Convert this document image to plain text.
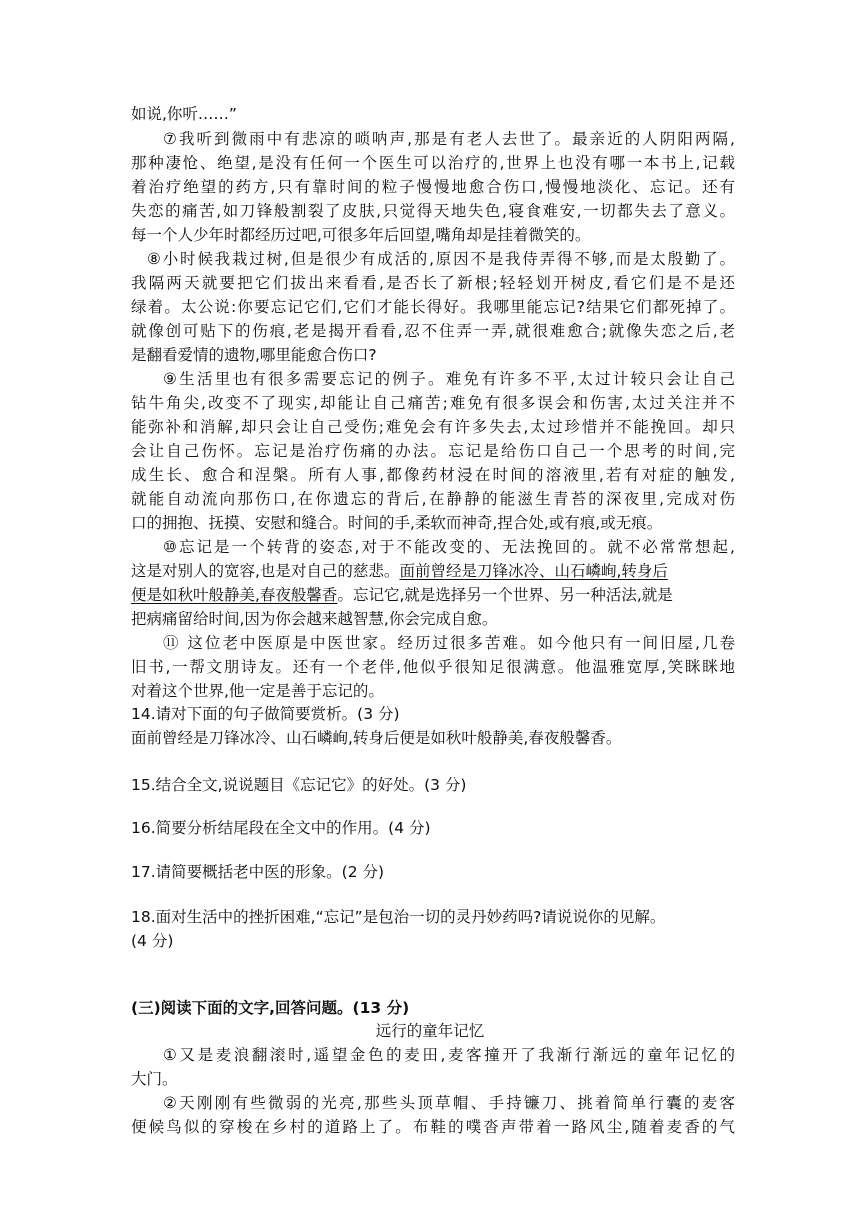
如说,你听……”
⑦我听到微雨中有悲凉的唢呐声,那是有老人去世了。最亲近的人阴阳两隔,
那种凄怆、绝望,是没有任何一个医生可以治疗的,世界上也没有哪一本书上,记载
着治疗绝望的药方,只有靠时间的粒子慢慢地愈合伤口,慢慢地淡化、忘记。还有
失恋的痛苦,如刀锋般割裂了皮肤,只觉得天地失色,寝食难安,一切都失去了意义。
每一个人少年时都经历过吧,可很多年后回望,嘴角却是挂着微笑的。
⑧小时候我栽过树,但是很少有成活的,原因不是我侍弄得不够,而是太殷勤了。
我隔两天就要把它们拔出来看看,是否长了新根;轻轻划开树皮,看它们是不是还
绿着。太公说:你要忘记它们,它们才能长得好。我哪里能忘记?结果它们都死掉了。
就像创可贴下的伤痕,老是揭开看看,忍不住弄一弄,就很难愈合;就像失恋之后,老
是翻看爱情的遗物,哪里能愈合伤口?
⑨生活里也有很多需要忘记的例子。难免有许多不平,太过计较只会让自己
钻牛角尖,改变不了现实,却能让自己痛苦;难免有很多误会和伤害,太过关注并不
能弥补和消解,却只会让自己受伤;难免会有许多失去,太过珍惜并不能挽回。却只
会让自己伤怀。忘记是治疗伤痛的办法。忘记是给伤口自己一个思考的时间,完
成生长、愈合和涅槃。所有人事,都像药材浸在时间的溶液里,若有对症的触发,
就能自动流向那伤口,在你遗忘的背后,在静静的能滋生青苔的深夜里,完成对伤
口的拥抱、抚摸、安慰和缝合。时间的手,柔软而神奇,捏合处,或有痕,或无痕。
⑩忘记是一个转背的姿态,对于不能改变的、无法挽回的。就不必常常想起,
这是对别人的宽容,也是对自己的慈悲。面前曾经是刀锋冰冷、山石嶙峋,转身后
便是如秋叶般静美,春夜般馨香。忘记它,就是选择另一个世界、另一种活法,就是
把病痛留给时间,因为你会越来越智慧,你会完成自愈。
⑪ 这位老中医原是中医世家。经历过很多苦难。如今他只有一间旧屋,几卷
旧书,一帮文朋诗友。还有一个老伴,他似乎很知足很满意。他温雅宽厚,笑眯眯地
对着这个世界,他一定是善于忘记的。
14.请对下面的句子做简要赏析。(3 分)
面前曾经是刀锋冰冷、山石嶙峋,转身后便是如秋叶般静美,春夜般馨香。
15.结合全文,说说题目《忘记它》的好处。(3 分)
16.简要分析结尾段在全文中的作用。(4 分)
17.请简要概括老中医的形象。(2 分)
18.面对生活中的挫折困难,“忘记”是包治一切的灵丹妙药吗?请说说你的见解。
(4 分)
(三)阅读下面的文字,回答问题。(13 分)
远行的童年记忆
①又是麦浪翻滚时,遥望金色的麦田,麦客撞开了我渐行渐远的童年记忆的
大门。
②天刚刚有些微弱的光亮,那些头顶草帽、手持镰刀、挑着简单行囊的麦客
便候鸟似的穿梭在乡村的道路上了。布鞋的噗沓声带着一路风尘,随着麦香的气
